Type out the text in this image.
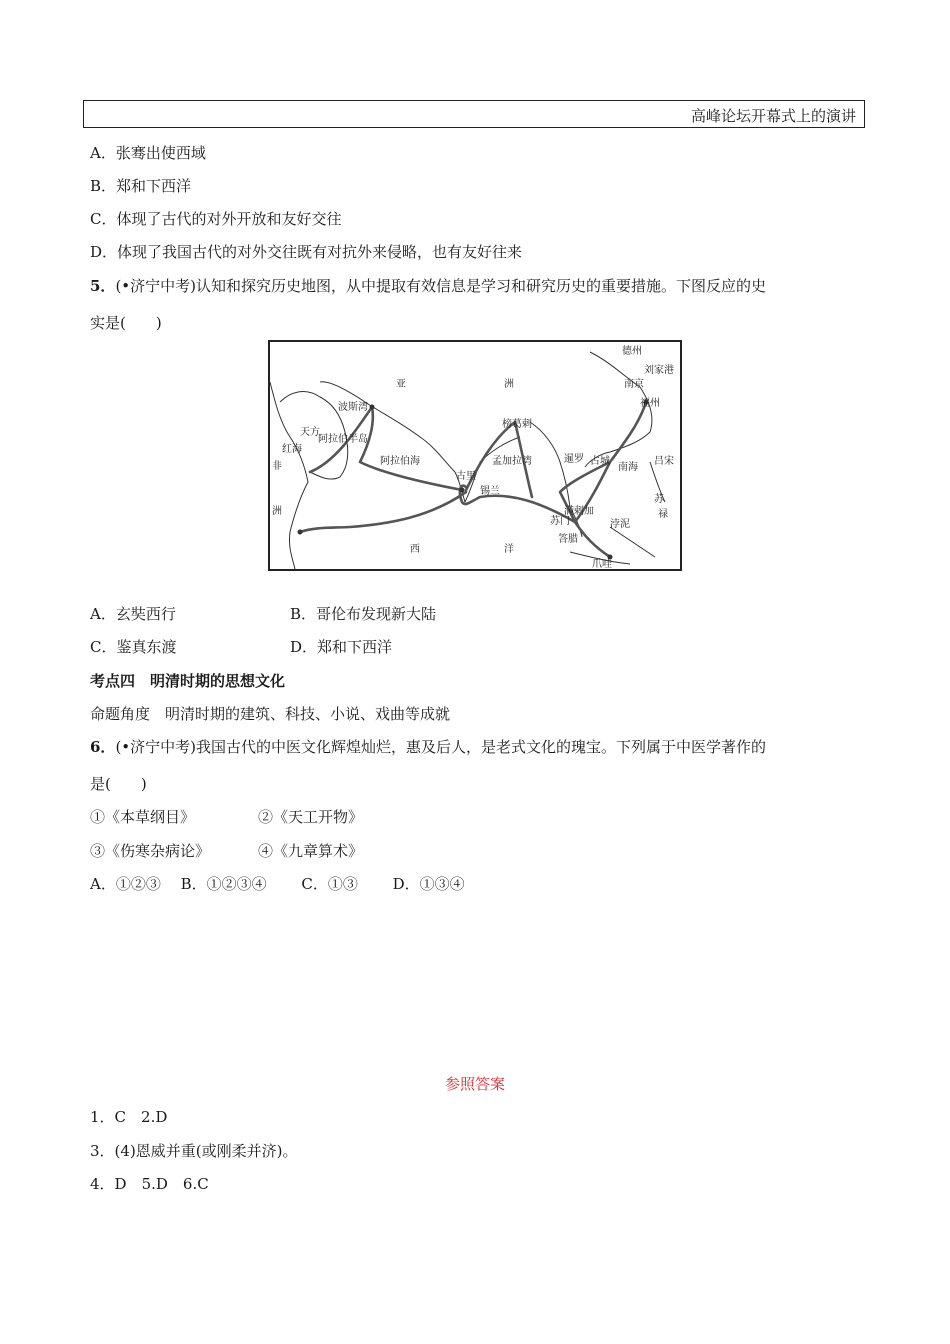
高峰论坛开幕式上的演讲
A．张骞出使西域
B．郑和下西洋
C．体现了古代的对外开放和友好交往
D．体现了我国古代的对外交往既有对抗外来侵略，也有友好往来
5．(•济宁中考)认知和探究历史地图，从中提取有效信息是学习和研究历史的重要措施。下图反应的史
实是(　　)
德州
刘家港
南京
福州
亚	洲
波斯湾
天方
阿拉伯半岛
红海
阿拉伯海
榜葛剌
孟加拉湾	暹罗 占城
南海
吕宋
古里
锡兰
非
洲	满剌加
苏门
答腊
苏
禄
浡泥
西	洋
爪哇
A．玄奘西行	B．哥伦布发现新大陆
C．鉴真东渡	D．郑和下西洋
考点四　明清时期的思想文化
命题角度　明清时期的建筑、科技、小说、戏曲等成就
6．(•济宁中考)我国古代的中医文化辉煌灿烂，惠及后人，是老式文化的瑰宝。下列属于中医学著作的
是(　　)
①《本草纲目》	②《天工开物》
③《伤寒杂病论》	④《九章算术》
A．①②③　 B．①②③④　　 C．①③　　 D．①③④
参照答案
1．C　2.D
3．(4)恩威并重(或刚柔并济)。
4．D　5.D　6.C
